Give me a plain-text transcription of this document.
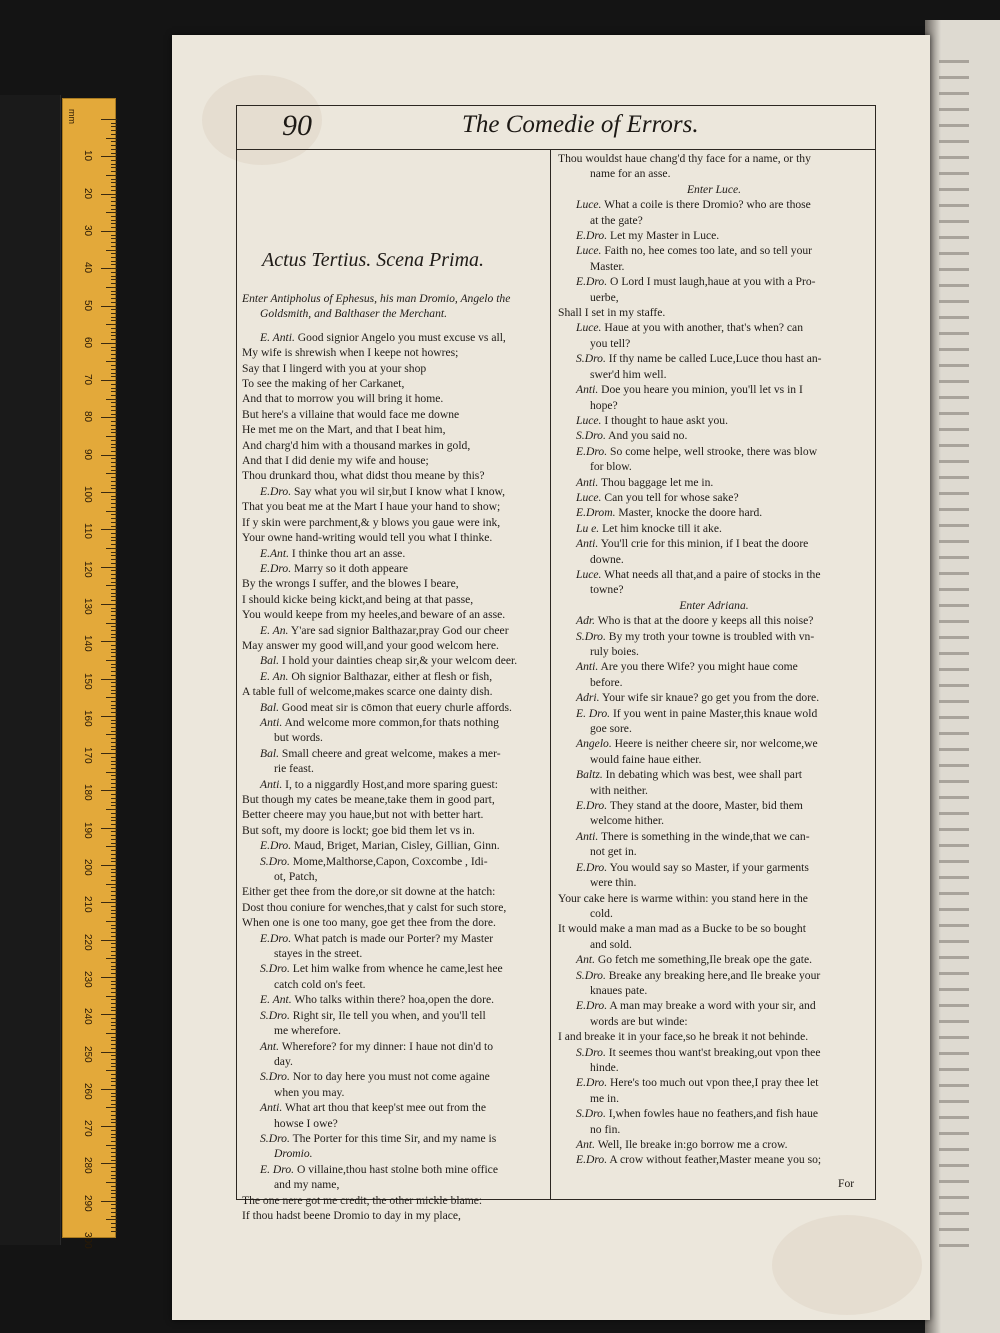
mm
10
20
30
40
50
60
70
80
90
100
110
120
130
140
150
160
170
180
190
200
210
220
230
240
250
260
270
280
290
300
90	The Comedie of Errors.
Actus Tertius. Scena Prima.
Enter Antipholus of Ephesus, his man Dromio, Angelo the
Goldsmith, and Balthaser the Merchant.
E. Anti. Good signior Angelo you must excuse vs all,
My wife is shrewish when I keepe not howres;
Say that I lingerd with you at your shop
To see the making of her Carkanet,
And that to morrow you will bring it home.
But here's a villaine that would face me downe
He met me on the Mart, and that I beat him,
And charg'd him with a thousand markes in gold,
And that I did denie my wife and house;
Thou drunkard thou, what didst thou meane by this?
E.Dro. Say what you wil sir,but I know what I know,
That you beat me at the Mart I haue your hand to show;
If y skin were parchment,& y blows you gaue were ink,
Your owne hand-writing would tell you what I thinke.
E.Ant. I thinke thou art an asse.
E.Dro. Marry so it doth appeare
By the wrongs I suffer, and the blowes I beare,
I should kicke being kickt,and being at that passe,
You would keepe from my heeles,and beware of an asse.
E. An. Y'are sad signior Balthazar,pray God our cheer
May answer my good will,and your good welcom here.
Bal. I hold your dainties cheap sir,& your welcom deer.
E. An. Oh signior Balthazar, either at flesh or fish,
A table full of welcome,makes scarce one dainty dish.
Bal. Good meat sir is cōmon that euery churle affords.
Anti. And welcome more common,for thats nothing
but words.
Bal. Small cheere and great welcome, makes a mer-
rie feast.
Anti. I, to a niggardly Host,and more sparing guest:
But though my cates be meane,take them in good part,
Better cheere may you haue,but not with better hart.
But soft, my doore is lockt; goe bid them let vs in.
E.Dro. Maud, Briget, Marian, Cisley, Gillian, Ginn.
S.Dro. Mome,Malthorse,Capon, Coxcombe , Idi-
ot, Patch,
Either get thee from the dore,or sit downe at the hatch:
Dost thou coniure for wenches,that y calst for such store,
When one is one too many, goe get thee from the dore.
E.Dro. What patch is made our Porter? my Master
stayes in the street.
S.Dro. Let him walke from whence he came,lest hee
catch cold on's feet.
E. Ant. Who talks within there? hoa,open the dore.
S.Dro. Right sir, Ile tell you when, and you'll tell
me wherefore.
Ant. Wherefore? for my dinner: I haue not din'd to
day.
S.Dro. Nor to day here you must not come againe
when you may.
Anti. What art thou that keep'st mee out from the
howse I owe?
S.Dro. The Porter for this time Sir, and my name is
Dromio.
E. Dro. O villaine,thou hast stolne both mine office
and my name,
The one nere got me credit, the other mickle blame:
If thou hadst beene Dromio to day in my place,
Thou wouldst haue chang'd thy face for a name, or thy
name for an asse.
Enter Luce.
Luce. What a coile is there Dromio? who are those
at the gate?
E.Dro. Let my Master in Luce.
Luce. Faith no, hee comes too late, and so tell your
Master.
E.Dro. O Lord I must laugh,haue at you with a Pro-
uerbe,
Shall I set in my staffe.
Luce. Haue at you with another, that's when? can
you tell?
S.Dro. If thy name be called Luce,Luce thou hast an-
swer'd him well.
Anti. Doe you heare you minion, you'll let vs in I
hope?
Luce. I thought to haue askt you.
S.Dro. And you said no.
E.Dro. So come helpe, well strooke, there was blow
for blow.
Anti. Thou baggage let me in.
Luce. Can you tell for whose sake?
E.Drom. Master, knocke the doore hard.
Lu e. Let him knocke till it ake.
Anti. You'll crie for this minion, if I beat the doore
downe.
Luce. What needs all that,and a paire of stocks in the
towne?
Enter Adriana.
Adr. Who is that at the doore y keeps all this noise?
S.Dro. By my troth your towne is troubled with vn-
ruly boies.
Anti. Are you there Wife? you might haue come
before.
Adri. Your wife sir knaue? go get you from the dore.
E. Dro. If you went in paine Master,this knaue wold
goe sore.
Angelo. Heere is neither cheere sir, nor welcome,we
would faine haue either.
Baltz. In debating which was best, wee shall part
with neither.
E.Dro. They stand at the doore, Master, bid them
welcome hither.
Anti. There is something in the winde,that we can-
not get in.
E.Dro. You would say so Master, if your garments
were thin.
Your cake here is warme within: you stand here in the
cold.
It would make a man mad as a Bucke to be so bought
and sold.
Ant. Go fetch me something,Ile break ope the gate.
S.Dro. Breake any breaking here,and Ile breake your
knaues pate.
E.Dro. A man may breake a word with your sir, and
words are but winde:
I and breake it in your face,so he break it not behinde.
S.Dro. It seemes thou want'st breaking,out vpon thee
hinde.
E.Dro. Here's too much out vpon thee,I pray thee let
me in.
S.Dro. I,when fowles haue no feathers,and fish haue
no fin.
Ant. Well, Ile breake in:go borrow me a crow.
E.Dro. A crow without feather,Master meane you so;
For
